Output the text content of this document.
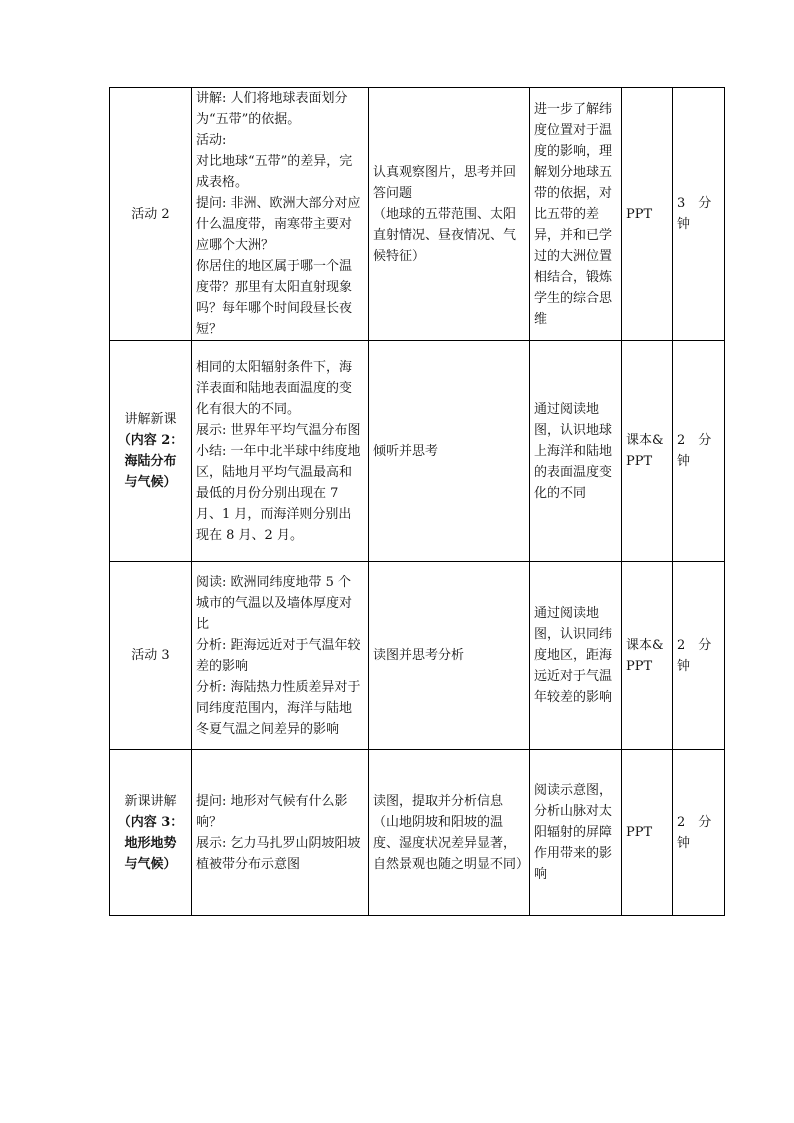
活动 2	讲解: 人们将地球表面划分为“五带”的依据。
活动:
对比地球“五带”的差异，完成表格。
提问: 非洲、欧洲大部分对应什么温度带，南寒带主要对应哪个大洲？
你居住的地区属于哪一个温度带？那里有太阳直射现象吗？每年哪个时间段昼长夜短？	认真观察图片，思考并回答问题
（地球的五带范围、太阳直射情况、昼夜情况、气候特征）	进一步了解纬度位置对于温度的影响，理解划分地球五带的依据，对比五带的差异，并和已学过的大洲位置相结合，锻炼学生的综合思维	PPT	3　分钟

讲解新课
（内容 2：
海陆分布
与气候）	相同的太阳辐射条件下，海洋表面和陆地表面温度的变化有很大的不同。
展示: 世界年平均气温分布图
小结: 一年中北半球中纬度地区，陆地月平均气温最高和最低的月份分别出现在 7 月、1 月，而海洋则分别出现在 8 月、2 月。	倾听并思考	通过阅读地图，认识地球上海洋和陆地的表面温度变化的不同	课本&PPT	2　分钟

活动 3	阅读: 欧洲同纬度地带 5 个城市的气温以及墙体厚度对比
分析: 距海远近对于气温年较差的影响
分析: 海陆热力性质差异对于同纬度范围内，海洋与陆地冬夏气温之间差异的影响	读图并思考分析	通过阅读地图，认识同纬度地区，距海远近对于气温年较差的影响	课本&PPT	2　分钟

新课讲解
（内容 3：
地形地势
与气候）	提问: 地形对气候有什么影响？
展示: 乞力马扎罗山阴坡阳坡植被带分布示意图	读图，提取并分析信息
（山地阴坡和阳坡的温度、湿度状况差异显著，自然景观也随之明显不同）	阅读示意图，分析山脉对太阳辐射的屏障作用带来的影响	PPT	2　分钟
